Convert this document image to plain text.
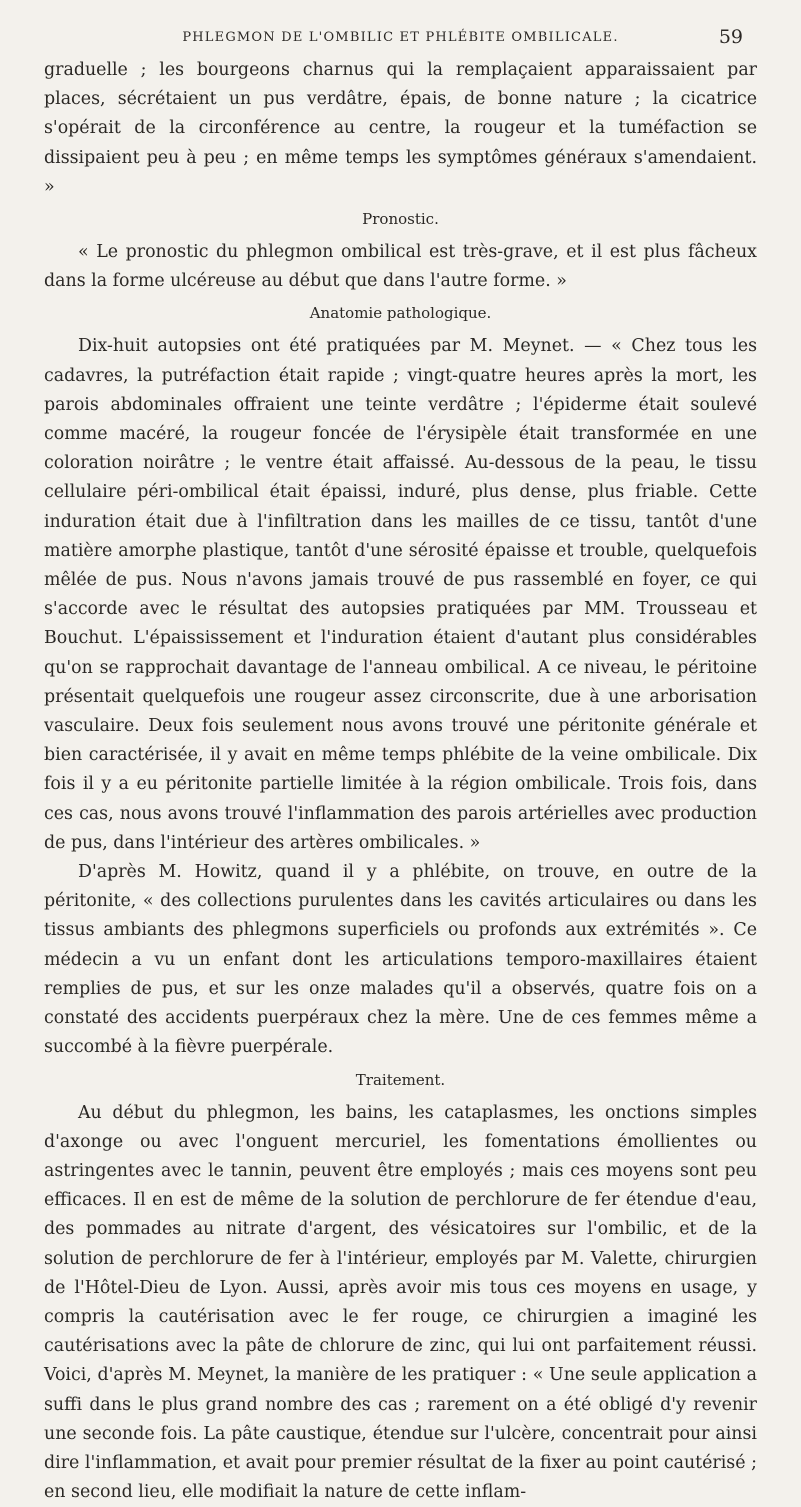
PHLEGMON DE L'OMBILIC ET PHLÉBITE OMBILICALE.	59

graduelle ; les bourgeons charnus qui la remplaçaient apparaissaient par places, sécrétaient un pus verdâtre, épais, de bonne nature ; la cicatrice s'opérait de la circonférence au centre, la rougeur et la tuméfaction se dissipaient peu à peu ; en même temps les symptômes généraux s'amendaient. »

Pronostic.

« Le pronostic du phlegmon ombilical est très-grave, et il est plus fâcheux dans la forme ulcéreuse au début que dans l'autre forme. »

Anatomie pathologique.

Dix-huit autopsies ont été pratiquées par M. Meynet. — « Chez tous les cadavres, la putréfaction était rapide ; vingt-quatre heures après la mort, les parois abdominales offraient une teinte verdâtre ; l'épiderme était soulevé comme macéré, la rougeur foncée de l'érysipèle était transformée en une coloration noirâtre ; le ventre était affaissé. Au-dessous de la peau, le tissu cellulaire péri-ombilical était épaissi, induré, plus dense, plus friable. Cette induration était due à l'infiltration dans les mailles de ce tissu, tantôt d'une matière amorphe plastique, tantôt d'une sérosité épaisse et trouble, quelquefois mêlée de pus. Nous n'avons jamais trouvé de pus rassemblé en foyer, ce qui s'accorde avec le résultat des autopsies pratiquées par MM. Trousseau et Bouchut. L'épaississement et l'induration étaient d'autant plus considérables qu'on se rapprochait davantage de l'anneau ombilical. A ce niveau, le péritoine présentait quelquefois une rougeur assez circonscrite, due à une arborisation vasculaire. Deux fois seulement nous avons trouvé une péritonite générale et bien caractérisée, il y avait en même temps phlébite de la veine ombilicale. Dix fois il y a eu péritonite partielle limitée à la région ombilicale. Trois fois, dans ces cas, nous avons trouvé l'inflammation des parois artérielles avec production de pus, dans l'intérieur des artères ombilicales. »

D'après M. Howitz, quand il y a phlébite, on trouve, en outre de la péritonite, « des collections purulentes dans les cavités articulaires ou dans les tissus ambiants des phlegmons superficiels ou profonds aux extrémités ». Ce médecin a vu un enfant dont les articulations temporo-maxillaires étaient remplies de pus, et sur les onze malades qu'il a observés, quatre fois on a constaté des accidents puerpéraux chez la mère. Une de ces femmes même a succombé à la fièvre puerpérale.

Traitement.

Au début du phlegmon, les bains, les cataplasmes, les onctions simples d'axonge ou avec l'onguent mercuriel, les fomentations émollientes ou astringentes avec le tannin, peuvent être employés ; mais ces moyens sont peu efficaces. Il en est de même de la solution de perchlorure de fer étendue d'eau, des pommades au nitrate d'argent, des vésicatoires sur l'ombilic, et de la solution de perchlorure de fer à l'intérieur, employés par M. Valette, chirurgien de l'Hôtel-Dieu de Lyon. Aussi, après avoir mis tous ces moyens en usage, y compris la cautérisation avec le fer rouge, ce chirurgien a imaginé les cautérisations avec la pâte de chlorure de zinc, qui lui ont parfaitement réussi. Voici, d'après M. Meynet, la manière de les pratiquer : « Une seule application a suffi dans le plus grand nombre des cas ; rarement on a été obligé d'y revenir une seconde fois. La pâte caustique, étendue sur l'ulcère, concentrait pour ainsi dire l'inflammation, et avait pour premier résultat de la fixer au point cautérisé ; en second lieu, elle modifiait la nature de cette inflam-
